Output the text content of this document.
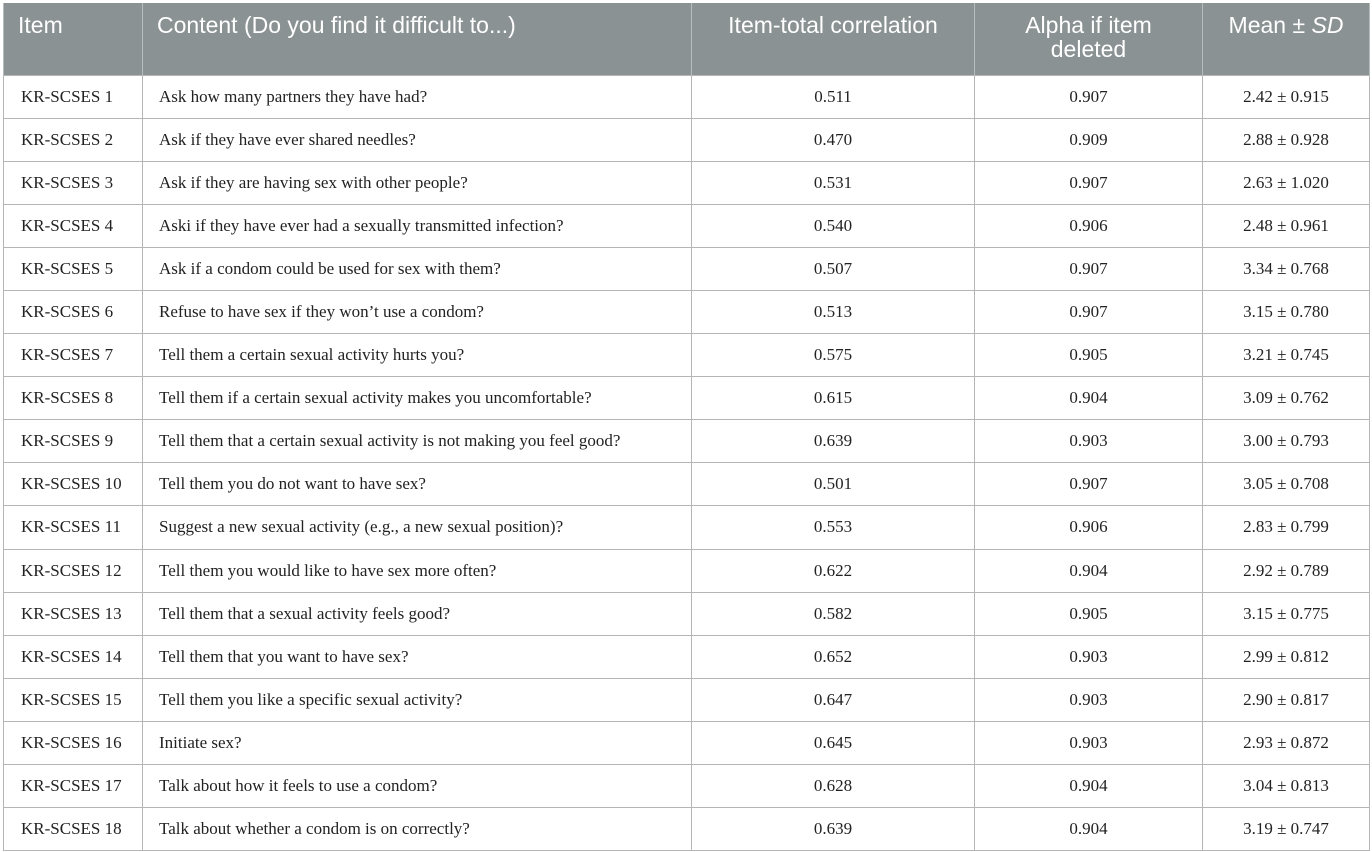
Item	Content (Do you find it difficult to...)	Item-total correlation	Alpha if item deleted	Mean ± SD
KR-SCSES 1	Ask how many partners they have had?	0.511	0.907	2.42 ± 0.915
KR-SCSES 2	Ask if they have ever shared needles?	0.470	0.909	2.88 ± 0.928
KR-SCSES 3	Ask if they are having sex with other people?	0.531	0.907	2.63 ± 1.020
KR-SCSES 4	Aski if they have ever had a sexually transmitted infection?	0.540	0.906	2.48 ± 0.961
KR-SCSES 5	Ask if a condom could be used for sex with them?	0.507	0.907	3.34 ± 0.768
KR-SCSES 6	Refuse to have sex if they won’t use a condom?	0.513	0.907	3.15 ± 0.780
KR-SCSES 7	Tell them a certain sexual activity hurts you?	0.575	0.905	3.21 ± 0.745
KR-SCSES 8	Tell them if a certain sexual activity makes you uncomfortable?	0.615	0.904	3.09 ± 0.762
KR-SCSES 9	Tell them that a certain sexual activity is not making you feel good?	0.639	0.903	3.00 ± 0.793
KR-SCSES 10	Tell them you do not want to have sex?	0.501	0.907	3.05 ± 0.708
KR-SCSES 11	Suggest a new sexual activity (e.g., a new sexual position)?	0.553	0.906	2.83 ± 0.799
KR-SCSES 12	Tell them you would like to have sex more often?	0.622	0.904	2.92 ± 0.789
KR-SCSES 13	Tell them that a sexual activity feels good?	0.582	0.905	3.15 ± 0.775
KR-SCSES 14	Tell them that you want to have sex?	0.652	0.903	2.99 ± 0.812
KR-SCSES 15	Tell them you like a specific sexual activity?	0.647	0.903	2.90 ± 0.817
KR-SCSES 16	Initiate sex?	0.645	0.903	2.93 ± 0.872
KR-SCSES 17	Talk about how it feels to use a condom?	0.628	0.904	3.04 ± 0.813
KR-SCSES 18	Talk about whether a condom is on correctly?	0.639	0.904	3.19 ± 0.747
